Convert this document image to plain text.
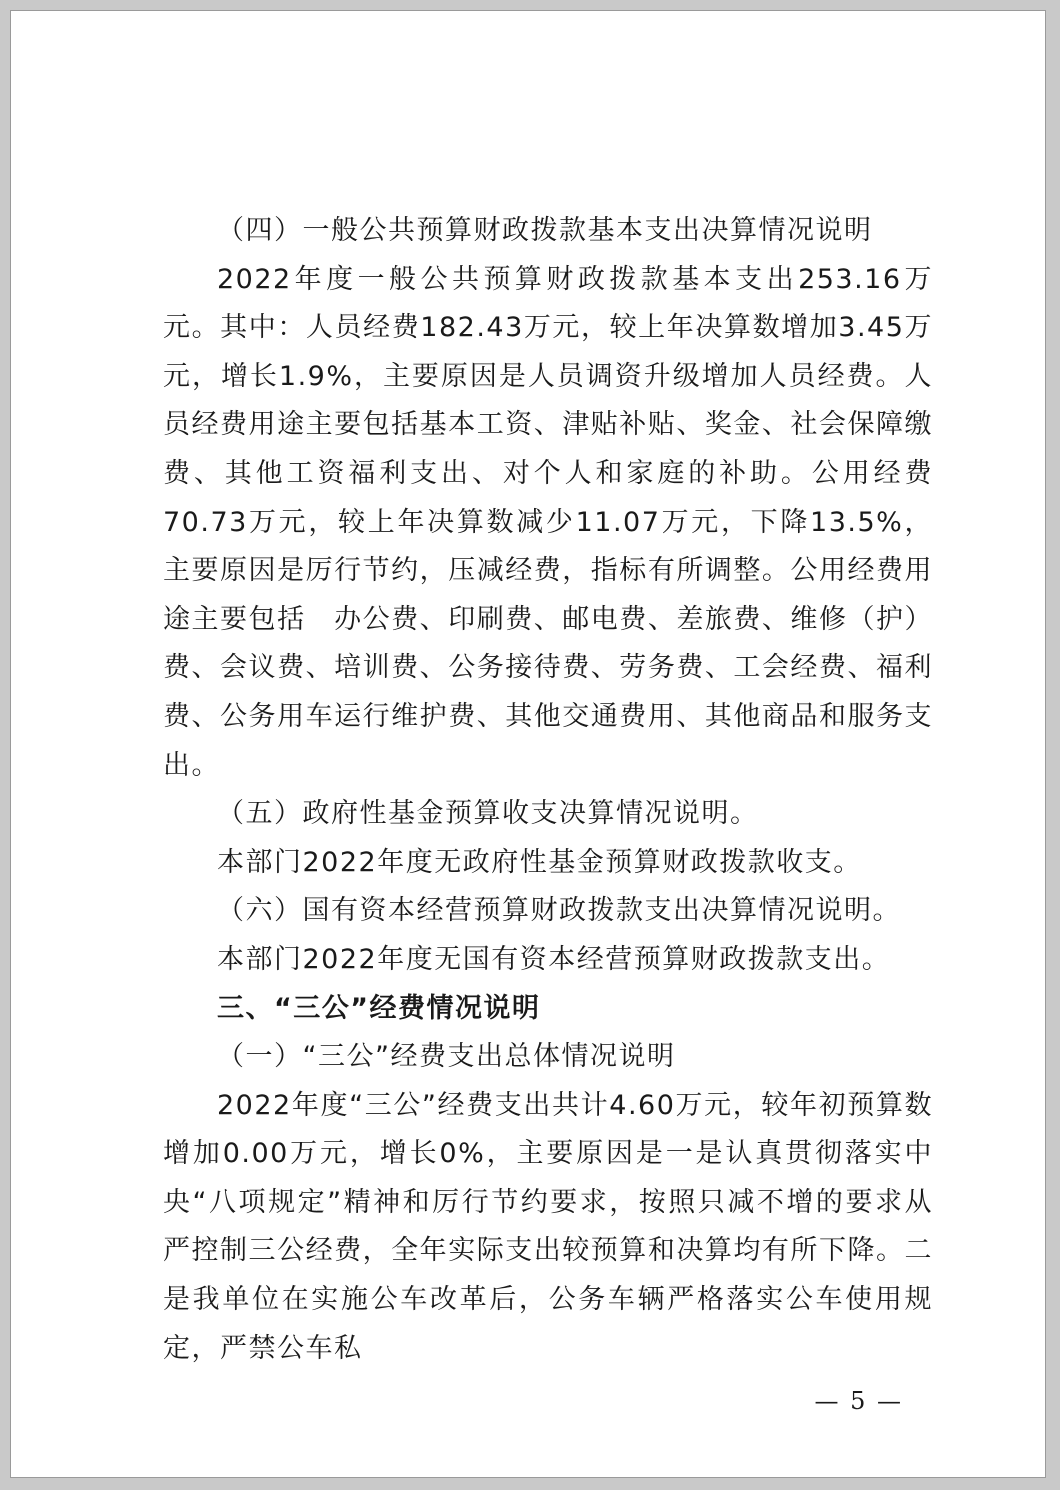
（四）一般公共预算财政拨款基本支出决算情况说明

2022年度一般公共预算财政拨款基本支出253.16万元。其中：人员经费182.43万元，较上年决算数增加3.45万元，增长1.9%，主要原因是人员调资升级增加人员经费。人员经费用途主要包括基本工资、津贴补贴、奖金、社会保障缴费、其他工资福利支出、对个人和家庭的补助。公用经费70.73万元，较上年决算数减少11.07万元，下降13.5%，主要原因是厉行节约，压减经费，指标有所调整。公用经费用途主要包括　办公费、印刷费、邮电费、差旅费、维修（护）费、会议费、培训费、公务接待费、劳务费、工会经费、福利费、公务用车运行维护费、其他交通费用、其他商品和服务支出。

（五）政府性基金预算收支决算情况说明。

本部门2022年度无政府性基金预算财政拨款收支。

（六）国有资本经营预算财政拨款支出决算情况说明。

本部门2022年度无国有资本经营预算财政拨款支出。

三、“三公”经费情况说明

（一）“三公”经费支出总体情况说明

2022年度“三公”经费支出共计4.60万元，较年初预算数增加0.00万元，增长0%，主要原因是一是认真贯彻落实中央“八项规定”精神和厉行节约要求，按照只减不增的要求从严控制三公经费，全年实际支出较预算和决算均有所下降。二是我单位在实施公车改革后，公务车辆严格落实公车使用规定，严禁公车私

— 5 —
